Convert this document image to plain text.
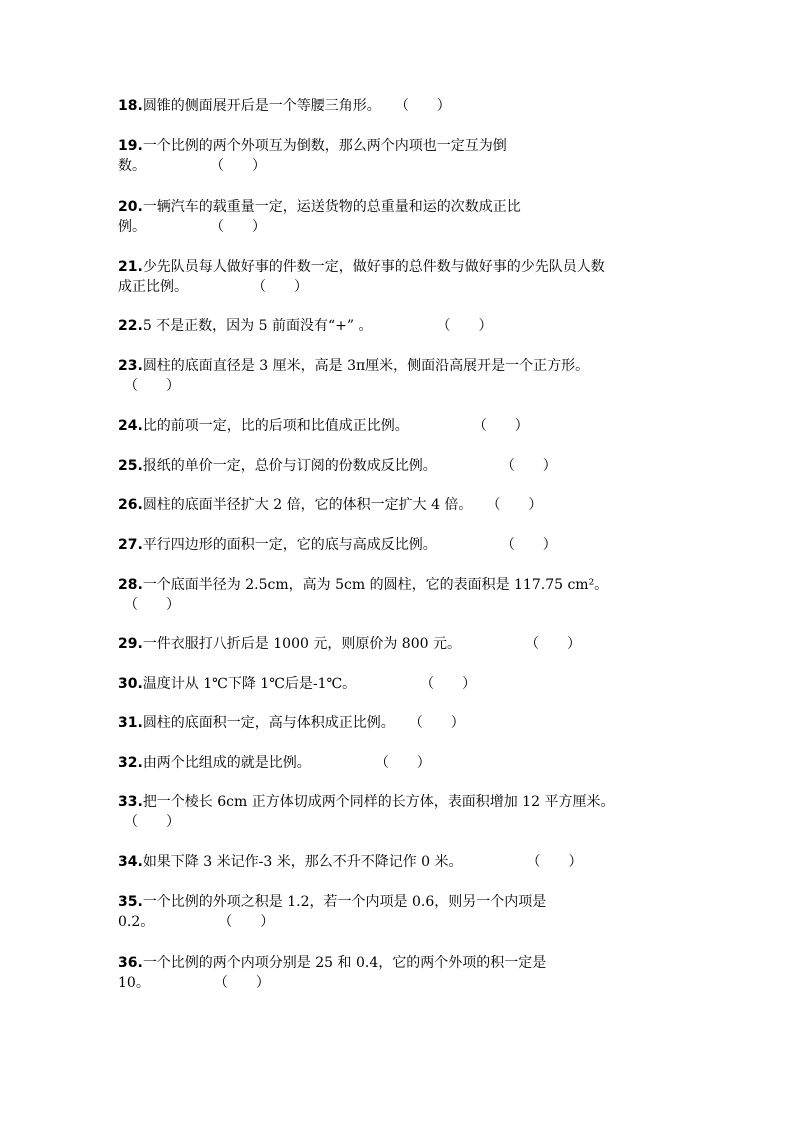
18.圆锥的侧面展开后是一个等腰三角形。 （　　）
19.一个比例的两个外项互为倒数，那么两个内项也一定互为倒
数。	（　　）
20.一辆汽车的载重量一定，运送货物的总重量和运的次数成正比
例。	（　　）
21.少先队员每人做好事的件数一定，做好事的总件数与做好事的少先队员人数
成正比例。	（　　）
22.5 不是正数，因为 5 前面没有“+” 。	（　　）
23.圆柱的底面直径是 3 厘米，高是 3π厘米，侧面沿高展开是一个正方形。
（　　）
24.比的前项一定，比的后项和比值成正比例。	（　　）
25.报纸的单价一定，总价与订阅的份数成反比例。	（　　）
26.圆柱的底面半径扩大 2 倍，它的体积一定扩大 4 倍。 （　　）
27.平行四边形的面积一定，它的底与高成反比例。	（　　）
28.一个底面半径为 2.5cm，高为 5cm 的圆柱，它的表面积是 117.75 cm²。
（　　）
29.一件衣服打八折后是 1000 元，则原价为 800 元。	（　　）
30.温度计从 1℃下降 1℃后是-1℃。	（　　）
31.圆柱的底面积一定，高与体积成正比例。 （　　）
32.由两个比组成的就是比例。	（　　）
33.把一个棱长 6cm 正方体切成两个同样的长方体，表面积增加 12 平方厘米。
（　　）
34.如果下降 3 米记作-3 米，那么不升不降记作 0 米。	（　　）
35.一个比例的外项之积是 1.2，若一个内项是 0.6，则另一个内项是
0.2。	（　　）
36.一个比例的两个内项分别是 25 和 0.4，它的两个外项的积一定是
10。	（　　）
